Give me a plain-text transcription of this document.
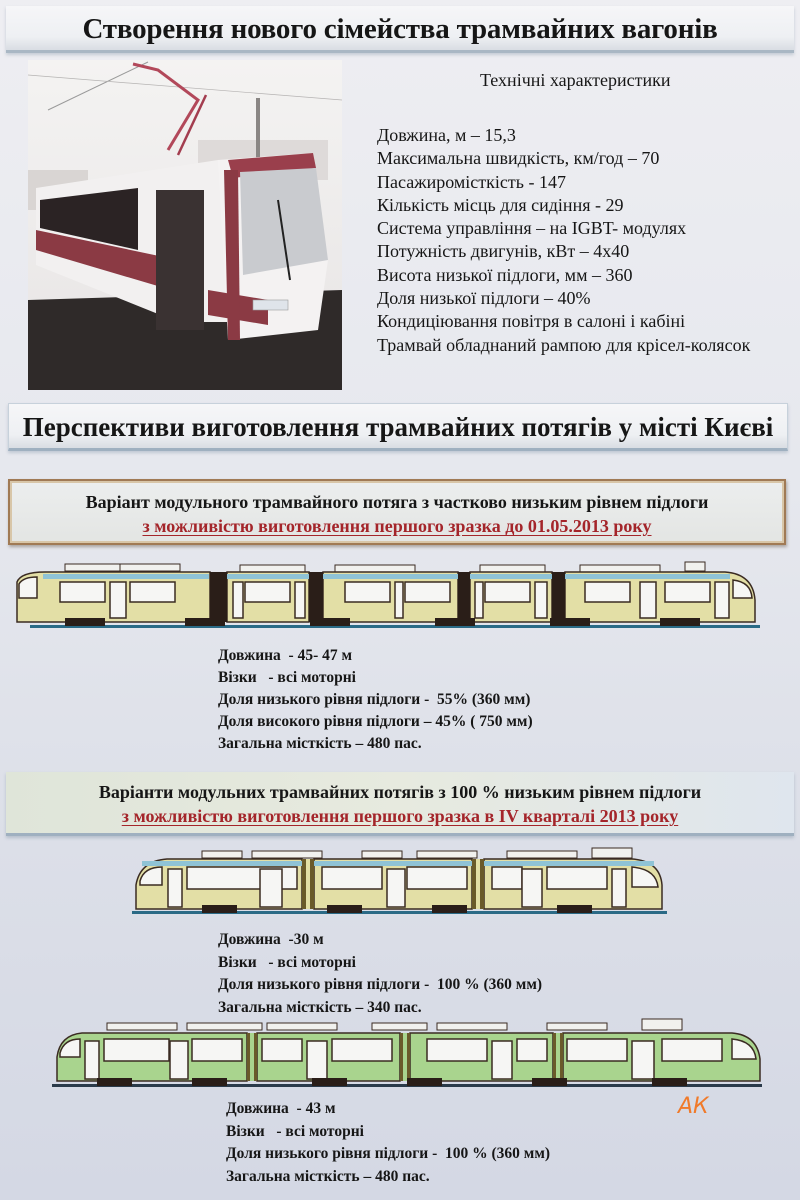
Створення нового сімейства трамвайних вагонів
Технічні характеристики
Довжина, м – 15,3
Максимальна швидкість, км/год – 70
Пасажиромісткість - 147
Кількість місць для сидіння - 29
Система управління – на IGBT- модулях
Потужність двигунів, кВт – 4х40
Висота низької підлоги, мм – 360
Доля низької підлоги – 40%
Кондиціювання повітря в салоні і кабіні
Трамвай обладнаний рампою для крісел-колясок
Перспективи виготовлення трамвайних потягів у місті Києві
Варіант модульного трамвайного потяга з частково низьким рівнем підлоги
з можливістю виготовлення першого зразка до 01.05.2013 року
Довжина  - 45- 47 м
Візки   - всі моторні
Доля низького рівня підлоги -  55% (360 мм)
Доля високого рівня підлоги – 45% ( 750 мм)
Загальна місткість – 480 пас.
Варіанти модульних трамвайних потягів з 100 % низьким рівнем підлоги
з можливістю виготовлення першого зразка в IV кварталі 2013 року
Довжина  -30 м
Візки   - всі моторні
Доля низького рівня підлоги -  100 % (360 мм)
Загальна місткість – 340 пас.
Довжина  - 43 м
Візки   - всі моторні
Доля низького рівня підлоги -  100 % (360 мм)
Загальна місткість – 480 пас.
АК
